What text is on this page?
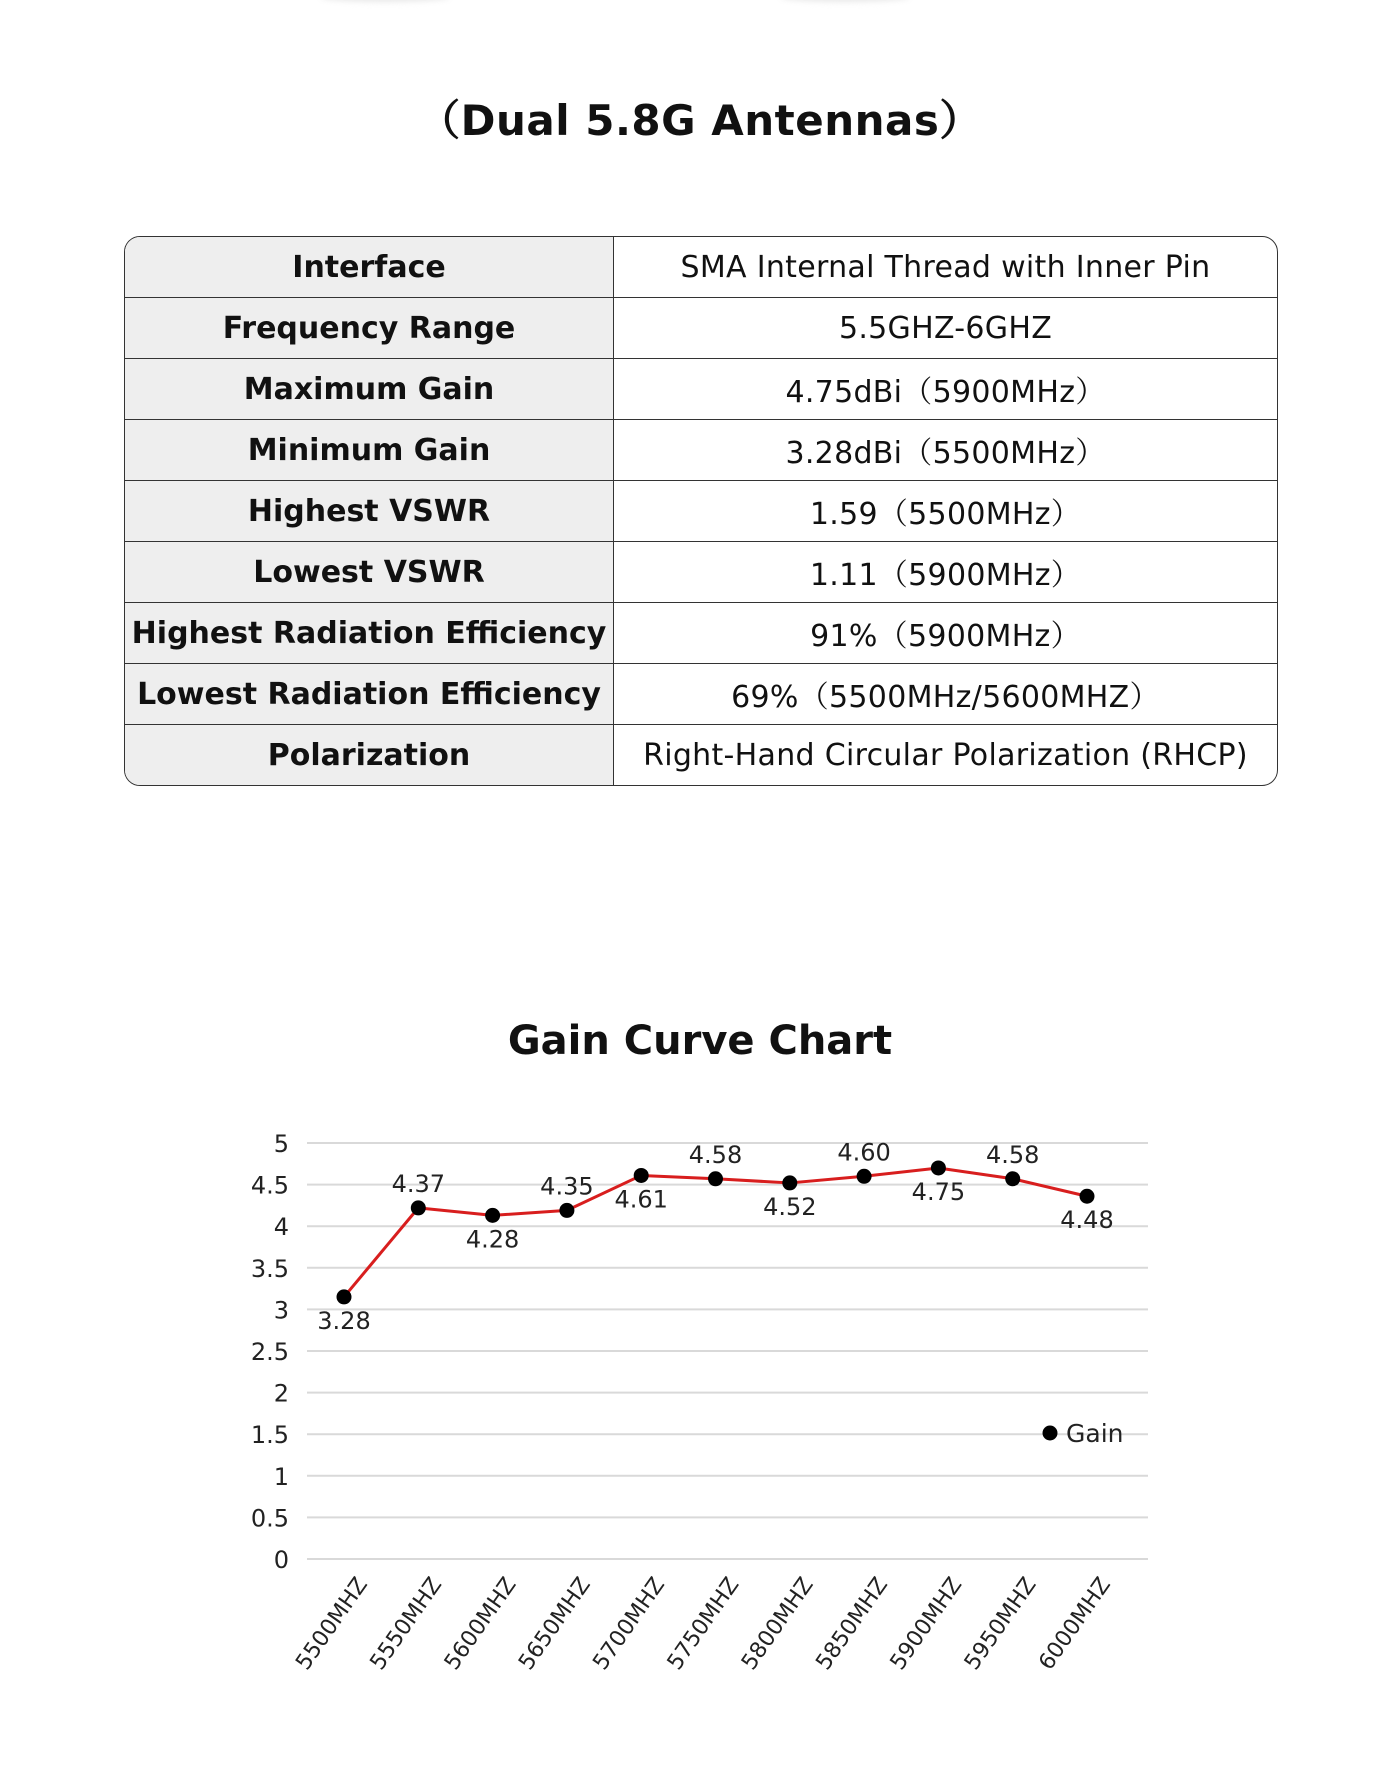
（Dual 5.8G Antennas）
Interface	SMA Internal Thread with Inner Pin
Frequency Range	5.5GHZ-6GHZ
Maximum Gain	4.75dBi（5900MHz）
Minimum Gain	3.28dBi（5500MHz）
Highest VSWR	1.59（5500MHz）
Lowest VSWR	1.11（5900MHz）
Highest Radiation Efficiency	91%（5900MHz）
Lowest Radiation Efficiency	69%（5500MHz/5600MHZ）
Polarization	Right-Hand Circular Polarization (RHCP)
Gain Curve Chart
0
0.5
1
1.5
2
2.5
3
3.5
4
4.5
5
3.28
4.37
4.28
4.35 4.61
4.58
4.52
4.60
4.75
4.58
4.48
5500MHZ
5550MHZ
5600MHZ
5650MHZ
5700MHZ
5750MHZ
5800MHZ
5850MHZ
5900MHZ
5950MHZ
6000MHZ
Gain
